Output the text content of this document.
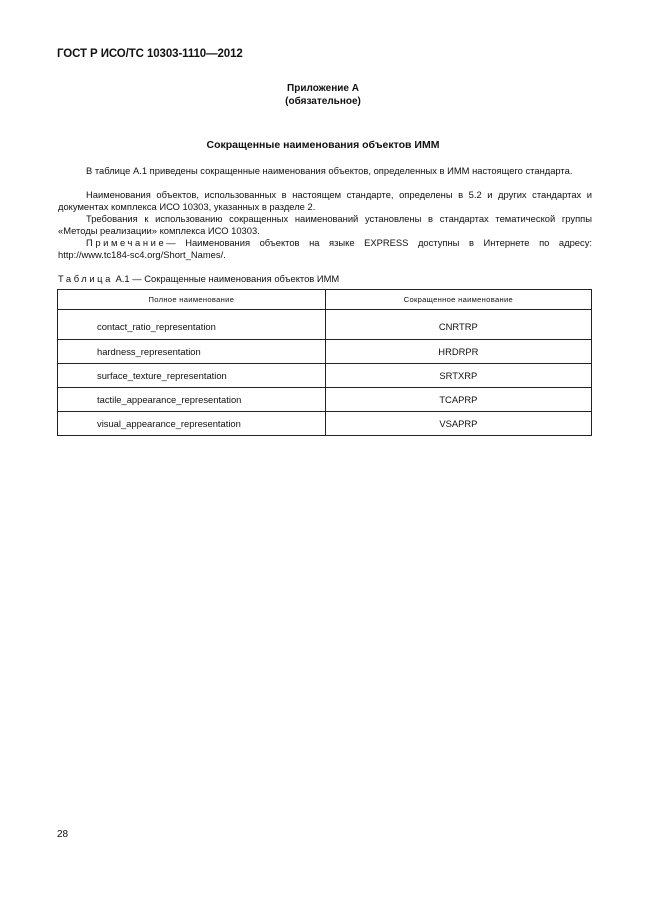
ГОСТ Р ИСО/ТС 10303-1110—2012
Приложение А
(обязательное)
Сокращенные наименования объектов ИММ
В таблице А.1 приведены сокращенные наименования объектов, определенных в ИММ настоящего стандарта.
Наименования объектов, использованных в настоящем стандарте, определены в 5.2 и других стандартах и документах комплекса ИСО 10303, указанных в разделе 2.
Требования к использованию сокращенных наименований установлены в стандартах тематической группы «Методы реализации» комплекса ИСО 10303.
Примечание— Наименования объектов на языке EXPRESS доступны в Интернете по адресу: http://www.tc184-sc4.org/Short_Names/.
Таблица А.1 — Сокращенные наименования объектов ИММ
Полное наименование	Сокращенное наименование
contact_ratio_representation	CNRTRP
hardness_representation	HRDRPR
surface_texture_representation	SRTXRP
tactile_appearance_representation	TCAPRP
visual_appearance_representation	VSAPRP
28
